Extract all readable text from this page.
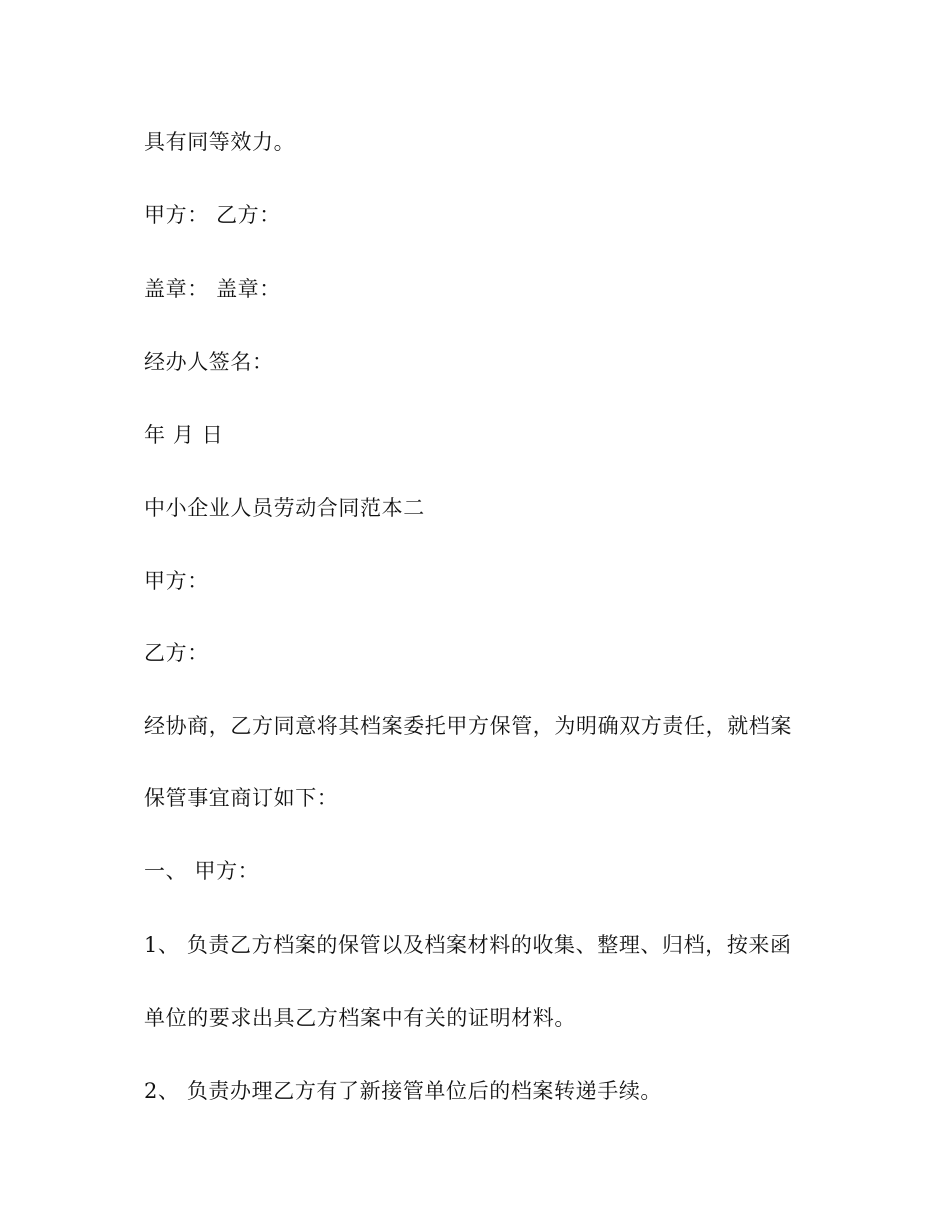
具有同等效力。

甲方： 乙方：

盖章： 盖章：

经办人签名：

年 月 日

中小企业人员劳动合同范本二

甲方：

乙方：

经协商，乙方同意将其档案委托甲方保管，为明确双方责任，就档案

保管事宜商订如下：

一、 甲方：

1、 负责乙方档案的保管以及档案材料的收集、整理、归档，按来函

单位的要求出具乙方档案中有关的证明材料。

2、 负责办理乙方有了新接管单位后的档案转递手续。
